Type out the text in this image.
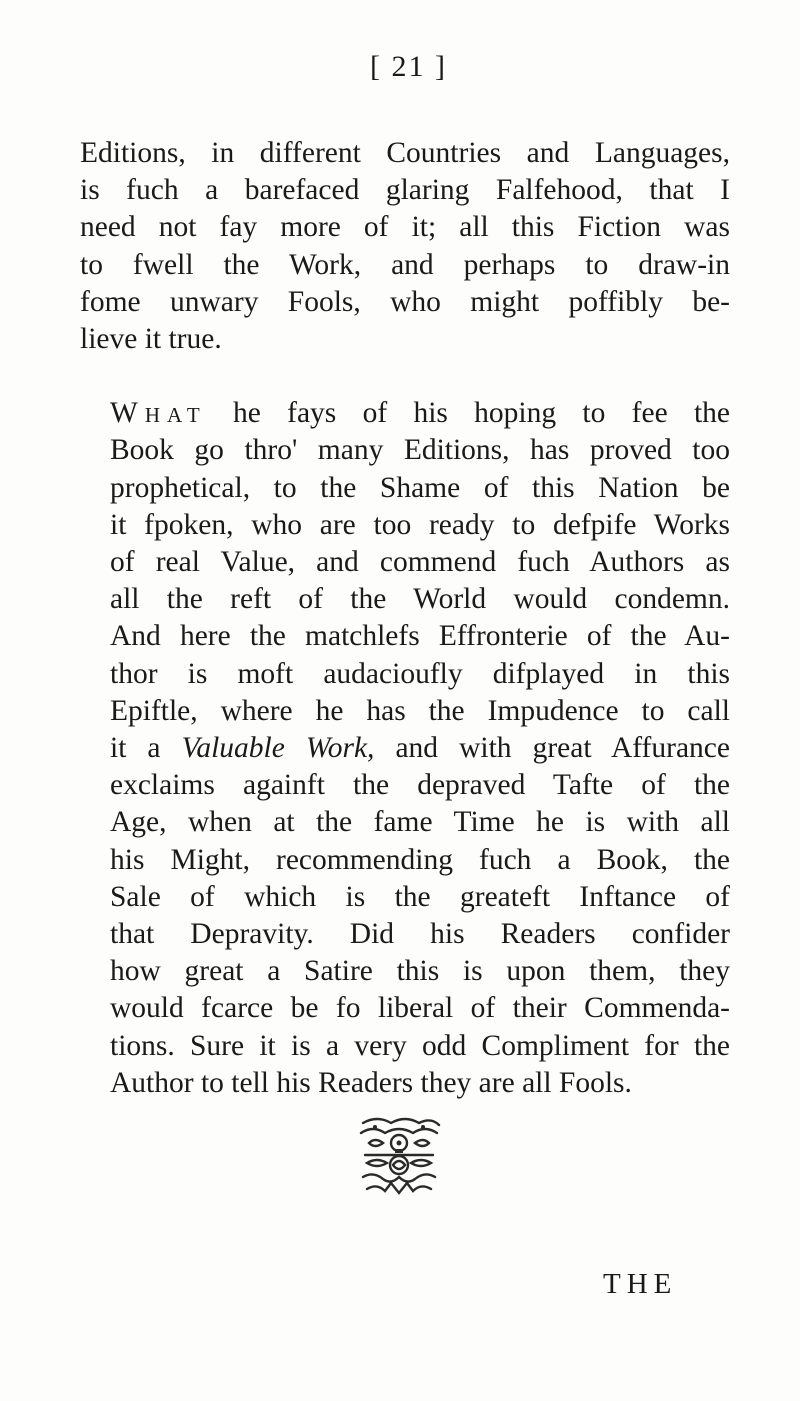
[ 21 ]

Editions, in different Countries and Languages,
is fuch a barefaced glaring Falfehood, that I
need not fay more of it; all this Fiction was
to fwell the Work, and perhaps to draw-in
fome unwary Fools, who might poffibly be-
lieve it true.

What he fays of his hoping to fee the
Book go thro' many Editions, has proved too
prophetical, to the Shame of this Nation be
it fpoken, who are too ready to defpife Works
of real Value, and commend fuch Authors as
all the reft of the World would condemn.
And here the matchlefs Effronterie of the Au-
thor is moft audacioufly difplayed in this
Epiftle, where he has the Impudence to call
it a Valuable Work, and with great Affurance
exclaims againft the depraved Tafte of the
Age, when at the fame Time he is with all
his Might, recommending fuch a Book, the
Sale of which is the greateft Inftance of
that Depravity. Did his Readers confider
how great a Satire this is upon them, they
would fcarce be fo liberal of their Commenda-
tions. Sure it is a very odd Compliment for the
Author to tell his Readers they are all Fools.

THE
